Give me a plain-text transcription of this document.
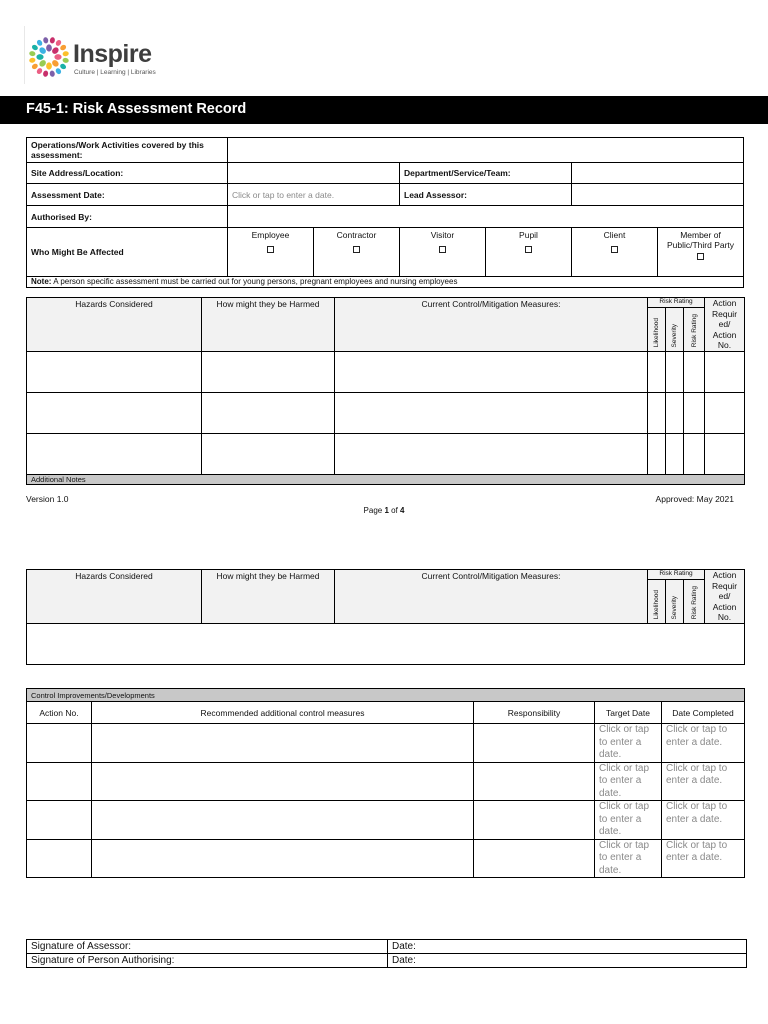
Inspire
Culture | Learning | Libraries
F45-1: Risk Assessment Record
Operations/Work Activities covered by this assessment:						
Site Address/Location:			Department/Service/Team:			
Assessment Date:	Click or tap to enter a date.		Lead Assessor:			
Authorised By:						
Who Might Be Affected	Employee	Contractor	Visitor	Pupil	Client	Member of Public/Third Party

Note: A person specific assessment must be carried out for young persons, pregnant employees and nursing employees						
Hazards Considered	How might they be Harmed	Current Control/Mitigation Measures:	Risk Rating			Action Requir ed/ Action No.
			Likelihood	Severity	Risk Rating	

Additional Notes						
Version 1.0	Approved: May 2021
Page 1 of 4
Hazards Considered	How might they be Harmed	Current Control/Mitigation Measures:	Risk Rating			Action Requir ed/ Action No.
			Likelihood	Severity	Risk Rating	

Control Improvements/Developments				
Action No.	Recommended additional control measures	Responsibility	Target Date	Date Completed
			Click or tap to enter a date.	Click or tap to enter a date.
			Click or tap to enter a date.	Click or tap to enter a date.
			Click or tap to enter a date.	Click or tap to enter a date.
			Click or tap to enter a date.	Click or tap to enter a date.
Signature of Assessor:	Date:
Signature of Person Authorising:	Date:
